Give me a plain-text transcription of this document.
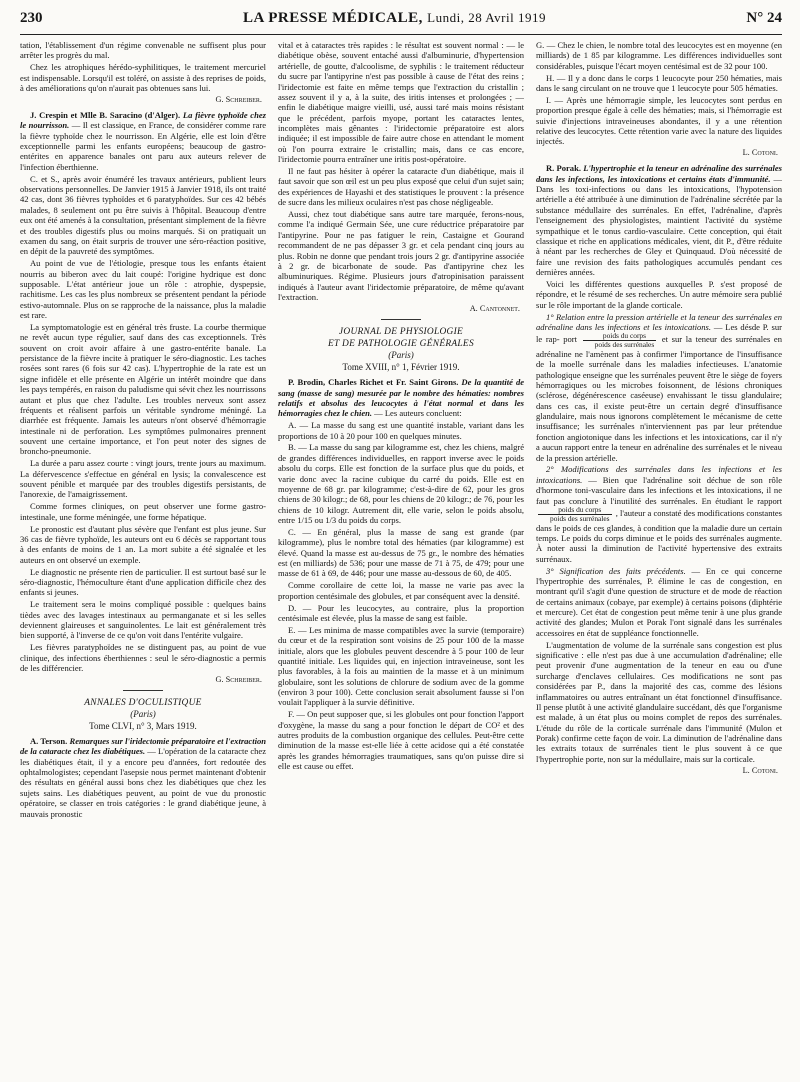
230	LA PRESSE MÉDICALE, Lundi, 28 Avril 1919	N° 24

tation, l'établissement d'un régime convenable ne suffisent plus pour arrêter les progrès du mal.

Chez les atrophiques hérédo-syphilitiques, le traitement mercuriel est indispensable. Lorsqu'il est toléré, on assiste à des reprises de poids, à des améliorations qu'on n'aurait pas obtenues sans lui.

G. Schreiber.

J. Crespin et Mlle B. Saracino (d'Alger). La fièvre typhoïde chez le nourrisson. — Il est classique, en France, de considérer comme rare la fièvre typhoïde chez le nourrisson. En Algérie, elle est loin d'être exceptionnelle parmi les enfants européens; beaucoup de gastro-entérites en apparence banales ont paru aux auteurs relever de l'infection éberthienne.

C. et S., après avoir énuméré les travaux antérieurs, publient leurs observations personnelles. De Janvier 1915 à Janvier 1918, ils ont traité 42 cas, dont 36 fièvres typhoïdes et 6 paratyphoïdes. Sur ces 42 bébés malades, 8 seulement ont pu être suivis à l'hôpital. Beaucoup d'entre eux ont été amenés à la consultation, présentant simplement de la fièvre et des troubles digestifs plus ou moins marqués. Si on pratiquait un examen du sang, on était surpris de trouver une séro-réaction positive, en dépit de la pauvreté des symptômes.

Au point de vue de l'étiologie, presque tous les enfants étaient nourris au biberon avec du lait coupé: l'origine hydrique est donc supposable. L'état antérieur joue un rôle : atrophie, dyspepsie, rachitisme. Les cas les plus nombreux se présentent pendant la période estivo-automnale. Plus on se rapproche de la naissance, plus la maladie est rare.

La symptomatologie est en général très fruste. La courbe thermique ne revêt aucun type régulier, sauf dans des cas exceptionnels. Très souvent on croit avoir affaire à une gastro-entérite banale. La persistance de la fièvre incite à pratiquer le séro-diagnostic. Les taches rosées sont rares (6 fois sur 42 cas). L'hypertrophie de la rate est un signe infidèle et elle présente en Algérie un intérêt moindre que dans les pays tempérés, en raison du paludisme qui sévit chez les nourrissons autant et plus que chez l'adulte. Les troubles nerveux sont assez fréquents et réalisent parfois un véritable syndrome méningé. La diarrhée est fréquente. Jamais les auteurs n'ont observé d'hémorragie intestinale ni de perforation. Les symptômes pulmonaires prennent souvent une certaine importance, et l'on peut noter des signes de broncho-pneumonie.

La durée a paru assez courte : vingt jours, trente jours au maximum. La défervescence s'effectue en général en lysis; la convalescence est souvent pénible et marquée par des troubles digestifs persistants, de l'anorexie, de l'amaigrissement.

Comme formes cliniques, on peut observer une forme gastro-intestinale, une forme méningée, une forme hépatique.

Le pronostic est d'autant plus sévère que l'enfant est plus jeune. Sur 36 cas de fièvre typhoïde, les auteurs ont eu 6 décès se rapportant tous à des enfants de moins de 1 an. La mort subite a été signalée et les auteurs en ont observé un exemple.

Le diagnostic ne présente rien de particulier. Il est surtout basé sur le séro-diagnostic, l'hémoculture étant d'une application difficile chez des enfants si jeunes.

Le traitement sera le moins compliqué possible : quelques bains tièdes avec des lavages intestinaux au permanganate et si les selles deviennent glaireuses et sanguinolentes. Le lait est généralement très bien supporté, à l'inverse de ce qu'on voit dans l'entérite vulgaire.

Les fièvres paratyphoïdes ne se distinguent pas, au point de vue clinique, des infections éberthiennes : seul le séro-diagnostic a permis de les différencier.

G. Schreiber.

ANNALES D'OCULISTIQUE

(Paris)

Tome CLVI, n° 3, Mars 1919.

A. Terson. Remarques sur l'iridectomie préparatoire et l'extraction de la cataracte chez les diabétiques. — L'opération de la cataracte chez les diabétiques était, il y a encore peu d'années, fort redoutée des ophtalmologistes; cependant l'asepsie nous permet maintenant d'obtenir des résultats en général aussi bons chez les diabétiques que chez les sujets sains. Les diabétiques peuvent, au point de vue du pronostic opératoire, se classer en trois catégories : le grand diabétique jeune, à mauvais pronostic

vital et à cataractes très rapides : le résultat est souvent normal : — le diabétique obèse, souvent entaché aussi d'albuminurie, d'hypertension artérielle, de goutte, d'alcoolisme, de syphilis : le traitement réducteur du sucre par l'antipyrine n'est pas possible à cause de l'état des reins ; l'iridectomie est faite en même temps que l'extraction du cristallin ; assez souvent il y a, à la suite, des iritis intenses et prolongées ; — enfin le diabétique maigre vieilli, usé, aussi taré mais moins résistant que le précédent, parfois myope, portant les cataractes lentes, incomplètes mais gênantes : l'iridectomie préparatoire est alors indiquée; il est impossible de faire autre chose en attendant le moment où l'on pourra extraire le cristallin; mais, dans ce cas encore, l'iridectomie pourra entraîner une iritis post-opératoire.

Il ne faut pas hésiter à opérer la cataracte d'un diabétique, mais il faut savoir que son œil est un peu plus exposé que celui d'un sujet sain; des expériences de Hayashi et des statistiques le prouvent : la présence de sucre dans les milieux oculaires n'est pas chose négligeable.

Aussi, chez tout diabétique sans autre tare marquée, ferons-nous, comme l'a indiqué Germain Sée, une cure réductrice préparatoire par l'antipyrine. Pour ne pas fatiguer le rein, Castaigne et Gourand recommandent de ne pas dépasser 3 gr. et cela pendant cinq jours au plus. Robin ne donne que pendant trois jours 2 gr. d'antipyrine associée à 2 gr. de bicarbonate de soude. Pas d'antipyrine chez les albuminuriques. Régime. Plusieurs jours d'atropinisation paraissent indiqués à l'auteur avant l'iridectomie préparatoire, de même qu'avant l'extraction.

A. Cantonnet.

JOURNAL DE PHYSIOLOGIE
ET DE PATHOLOGIE GÉNÉRALES

(Paris)

Tome XVIII, n° 1, Février 1919.

P. Brodin, Charles Richet et Fr. Saint Girons. De la quantité de sang (masse de sang) mesurée par le nombre des hématies: nombres relatifs et absolus des leucocytes à l'état normal et dans les hémorragies chez le chien. — Les auteurs concluent:

A. — La masse du sang est une quantité instable, variant dans les proportions de 10 à 20 pour 100 en quelques minutes.

B. — La masse du sang par kilogramme est, chez les chiens, malgré de grandes différences individuelles, en rapport inverse avec le poids absolu du corps. Elle est fonction de la surface plus que du poids, et varie donc avec la racine cubique du carré du poids. Elle est en moyenne de 68 gr. par kilogramme; c'est-à-dire de 62, pour les gros chiens de 30 kilogr.; de 68, pour les chiens de 20 kilogr.; de 76, pour les chiens de 10 kilogr. Autrement dit, elle varie, selon le poids absolu, entre 1/15 ou 1/3 du poids du corps.

C. — En général, plus la masse de sang est grande (par kilogramme), plus le nombre total des hématies (par kilogramme) est élevé. Quand la masse est au-dessus de 75 gr., le nombre des hématies est (en milliards) de 536; pour une masse de 71 à 75, de 479; pour une masse de 61 à 69, de 446; pour une masse au-dessous de 60, de 405.

Comme corollaire de cette loi, la masse ne varie pas avec la proportion centésimale des globules, et par conséquent avec la densité.

D. — Pour les leucocytes, au contraire, plus la proportion centésimale est élevée, plus la masse de sang est faible.

E. — Les minima de masse compatibles avec la survie (temporaire) du cœur et de la respiration sont voisins de 25 pour 100 de la masse initiale, alors que les globules peuvent descendre à 5 pour 100 de leur quantité initiale. Les liquides qui, en injection intraveineuse, sont les plus favorables, à la fois au maintien de la masse et à un minimum globulaire, sont les solutions de chlorure de sodium avec de la gomme (environ 3 pour 100). Cette conclusion serait absolument fausse si l'on voulait l'appliquer à la survie définitive.

F. — On peut supposer que, si les globules ont pour fonction l'apport d'oxygène, la masse du sang a pour fonction le départ de CO² et des autres produits de la combustion organique des cellules. Peut-être cette diminution de la masse est-elle liée à cette acidose qui a été constatée après les grandes hémorragies traumatiques, sans qu'on puisse dire si elle est cause ou effet.

G. — Chez le chien, le nombre total des leucocytes est en moyenne (en milliards) de 1 85 par kilogramme. Les différences individuelles sont considérables, puisque l'écart moyen centésimal est de 32 pour 100.

H. — Il y a donc dans le corps 1 leucocyte pour 250 hématies, mais dans le sang circulant on ne trouve que 1 leucocyte pour 505 hématies.

I. — Après une hémorragie simple, les leucocytes sont perdus en proportion presque égale à celle des hématies; mais, si l'hémorragie est suivie d'injections intraveineuses abondantes, il y a une rétention relative des leucocytes. Cette rétention varie avec la nature des liquides injectés.

L. Cotoni.

R. Porak. L'hypertrophie et la teneur en adrénaline des surrénales dans les infections, les intoxications et certains états d'immunité. — Dans les toxi-infections ou dans les intoxications, l'hypotension artérielle a été attribuée à une diminution de l'adrénaline sécrétée par la substance médullaire des surrénales. En effet, l'adrénaline, d'après l'enseignement des physiologistes, maintient l'activité du système sympathique et le tonus cardio-vasculaire. Cette conception, qui était classique et riche en applications médicales, vient, dit P., d'être réduite à néant par les recherches de Gley et Quinquaud. D'où nécessité de faire une revision des faits pathologiques accumulés pendant ces dernières années.

Voici les différentes questions auxquelles P. s'est proposé de répondre, et le résumé de ses recherches. Un autre mémoire sera publié sur le rôle important de la glande corticale.

1° Relation entre la pression artérielle et la teneur des surrénales en adrénaline dans les infections et les intoxications. — Les désde P. sur le rap- port $\frac{\text{poids du corps}}{\text{poids des surrénales}}$ et sur la teneur des surrénales en adrénaline ne l'amènent pas à confirmer l'importance de l'insuffisance de la moelle surrénale dans les maladies infectieuses. L'anatomie pathologique enseigne que les surrénales peuvent être le siège de foyers hémorragiques ou les microbes foisonnent, de lésions chroniques (sclérose, dégénérescence caséeuse) envahissant le tissu glandulaire; dans ces cas, il existe peut-être un certain degré d'insuffisance glandulaire, mais nous ignorons complètement le mécanisme de cette insuffisance; les surrénales n'interviennent pas par leur prétendue fonction angiotonique dans les infections et les intoxications, car il n'y a aucun rapport entre la teneur en adrénaline des surrénales et le niveau de la pression artérielle.

2° Modifications des surrénales dans les infections et les intoxications. — Bien que l'adrénaline soit déchue de son rôle d'hormone toni-vasculaire dans les infections et les intoxications, il ne faut pas conclure à l'inutilité des surrénales. En étudiant le rapport
$\frac{\text{poids du corps}}{\text{poids des surrénales}}$ , l'auteur a constaté des modifications constantes dans le poids de ces glandes, à condition que la maladie dure un certain temps. Le poids du corps diminue et le poids des surrénales augmente. À noter aussi la diminution de l'activité hypertensive des extraits surrénaux.

3° Signification des faits précédents. — En ce qui concerne l'hypertrophie des surrénales, P. élimine le cas de congestion, en montrant qu'il s'agit d'une question de structure et de mode de réaction de certains animaux (cobaye, par exemple) à certains poisons (diphtérie et mercure). Cet état de congestion peut même tenir à une plus grande activité des glandes; Mulon et Porak l'ont signalé dans les surrénales accessoires en état de suppléance fonctionnelle.

L'augmentation de volume de la surrénale sans congestion est plus significative : elle n'est pas due à une accumulation d'adrénaline; elle peut provenir d'une augmentation de la teneur en eau ou d'une surcharge d'enclaves cellulaires. Ces modifications ne sont pas considérées par P., dans la majorité des cas, comme des lésions inflammatoires ou autres entraînant un état fonctionnel d'insuffisance. Il pense plutôt à une activité glandulaire succédant, dès que l'organisme est malade, à un état plus ou moins complet de repos des surrénales. L'étude du rôle de la corticale surrénale dans l'immunité (Mulon et Porak) confirme cette façon de voir. La diminution de l'adrénaline dans les extraits totaux de surrénales tient le plus souvent à ce que l'hypertrophie porte, non sur la médullaire, mais sur la corticale.

L. Cotoni.
